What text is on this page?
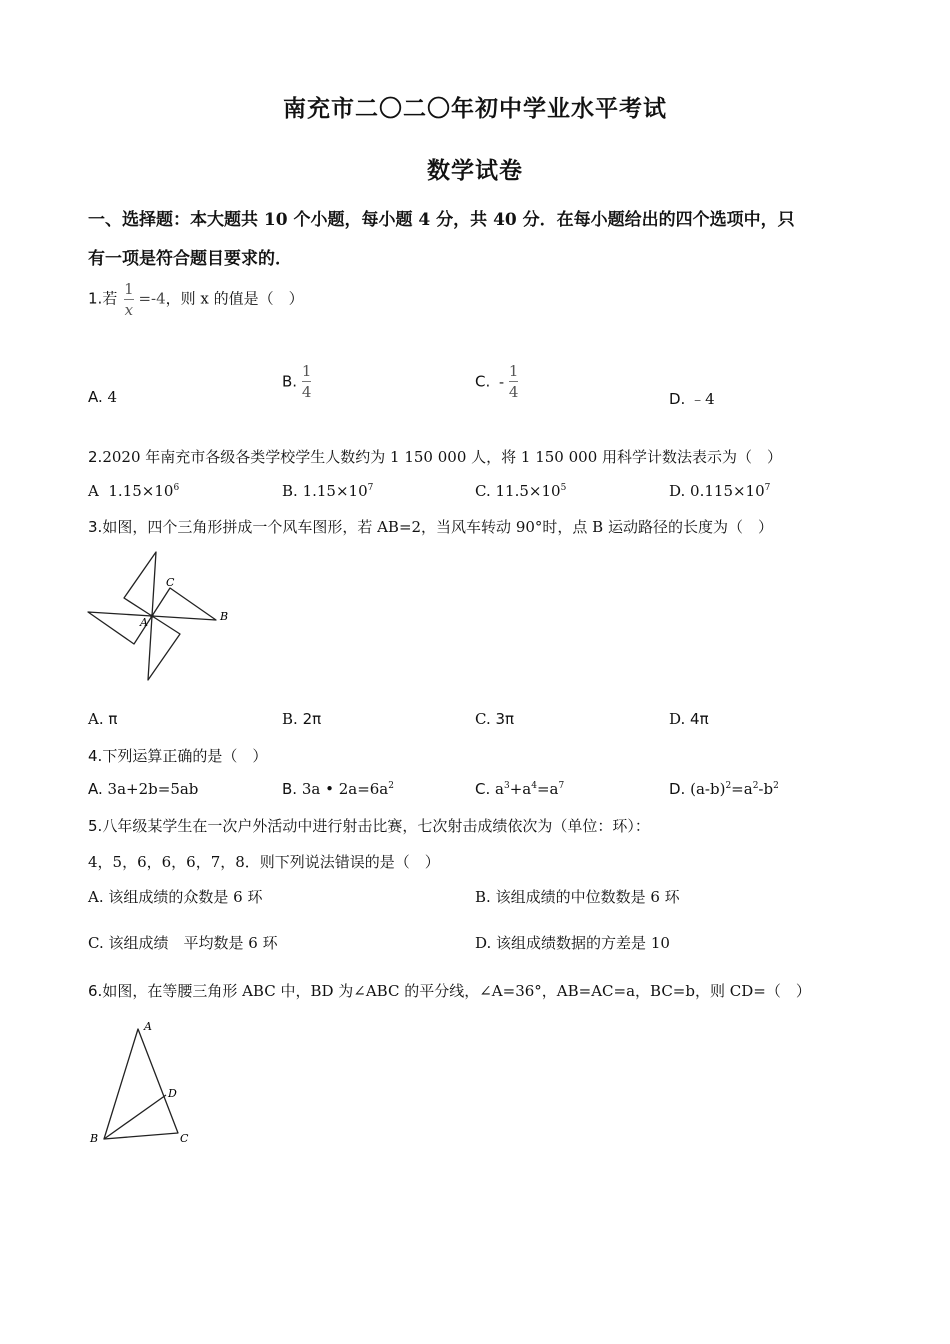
南充市二〇二〇年初中学业水平考试
数学试卷
一、选择题：本大题共 10 个小题，每小题 4 分，共 40 分．在每小题给出的四个选项中，只
有一项是符合题目要求的．
1.若 $\frac{1}{x} =-4$，则 x 的值是（　）
A. 4
B. $\frac{1}{4}$	C. - $\frac{1}{4}$	D. ﹣4
2.2020 年南充市各级各类学校学生人数约为 1 150 000 人，将 1 150 000 用科学计数法表示为（　）
A $1.15\times 10^6$	B. $1.15\times 10^7$	C. $11.5\times 10^5$	D. $0.115\times 10^7$
3.如图，四个三角形拼成一个风车图形，若 AB=2，当风车转动 90°时，点 B 运动路径的长度为（　）
A	B
C
A. π	B. 2π	C. 3π	D. 4π
4.下列运算正确的是（　）
A. 3a+2b=5ab	B. 3a • $2a=6a^2$	C. $a^3+a^4=a^7$	D. $(a-b)^2=a^2-b^2$
5.八年级某学生在一次户外活动中进行射击比赛，七次射击成绩依次为（单位：环）：
4，5，6，6，6，7，8．则下列说法错误的是（　）
A. 该组成绩的众数是 6 环	B. 该组成绩的中位数数是 6 环
C. 该组成绩　平均数是 6 环	D. 该组成绩数据的方差是 10
6.如图，在等腰三角形 ABC 中，BD 为∠ABC 的平分线，∠A=36°，AB=AC=a，BC=b，则 CD=（　）
A
B	C
D
